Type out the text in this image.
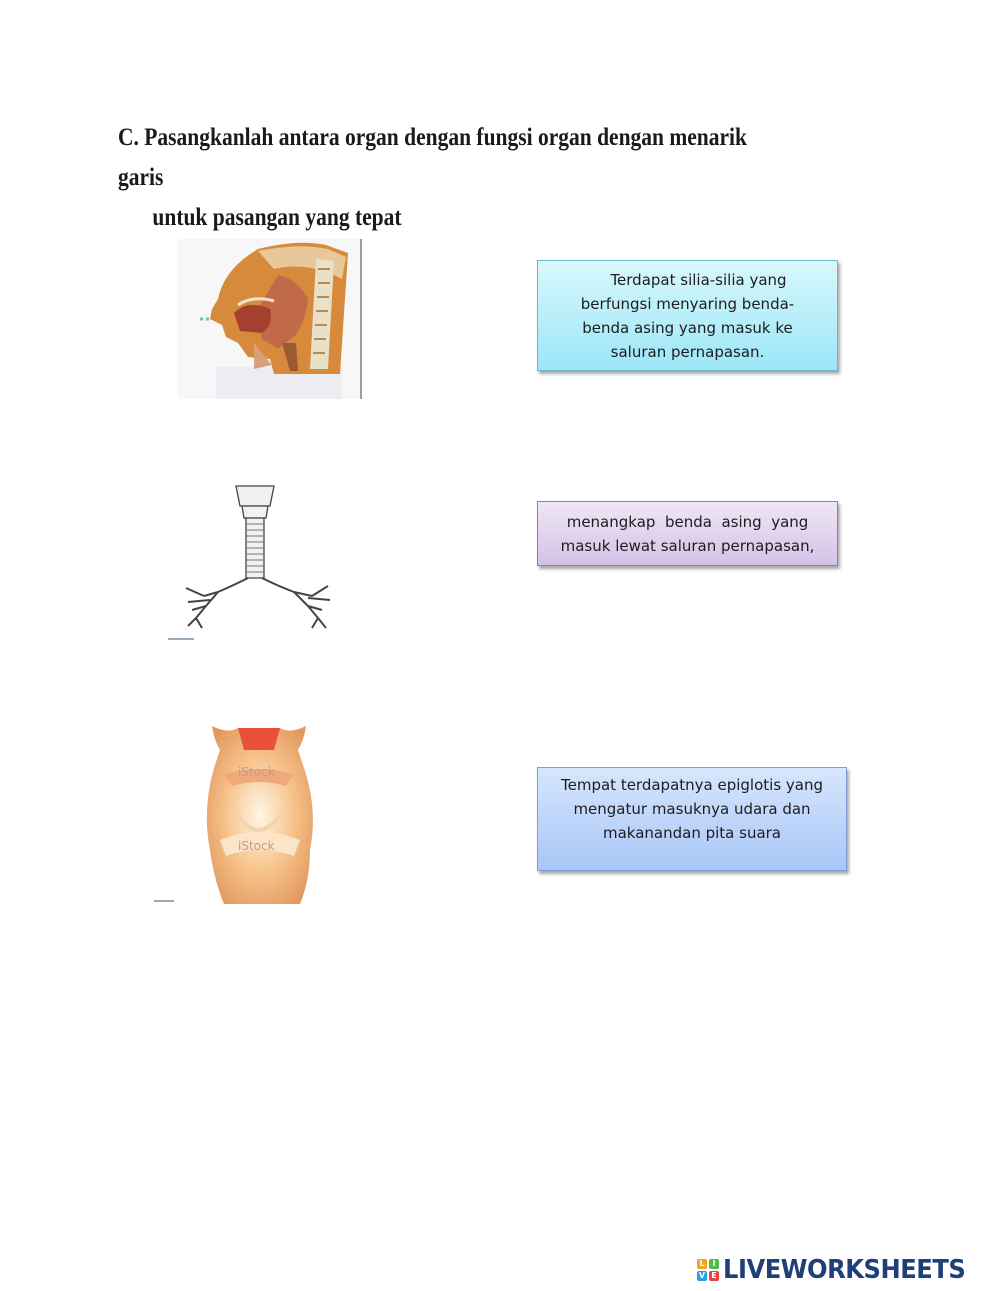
C. Pasangkanlah antara organ dengan fungsi organ dengan menarik garis
untuk pasangan yang tepat
iStock
iStock
Terdapat silia-silia yang
berfungsi menyaring benda-
benda asing yang masuk ke
saluran pernapasan.
menangkap  benda  asing  yang
masuk lewat saluran pernapasan,
Tempat terdapatnya epiglotis yang
mengatur masuknya udara dan
makanandan pita suara
L I
V E LIVEWORKSHEETS
